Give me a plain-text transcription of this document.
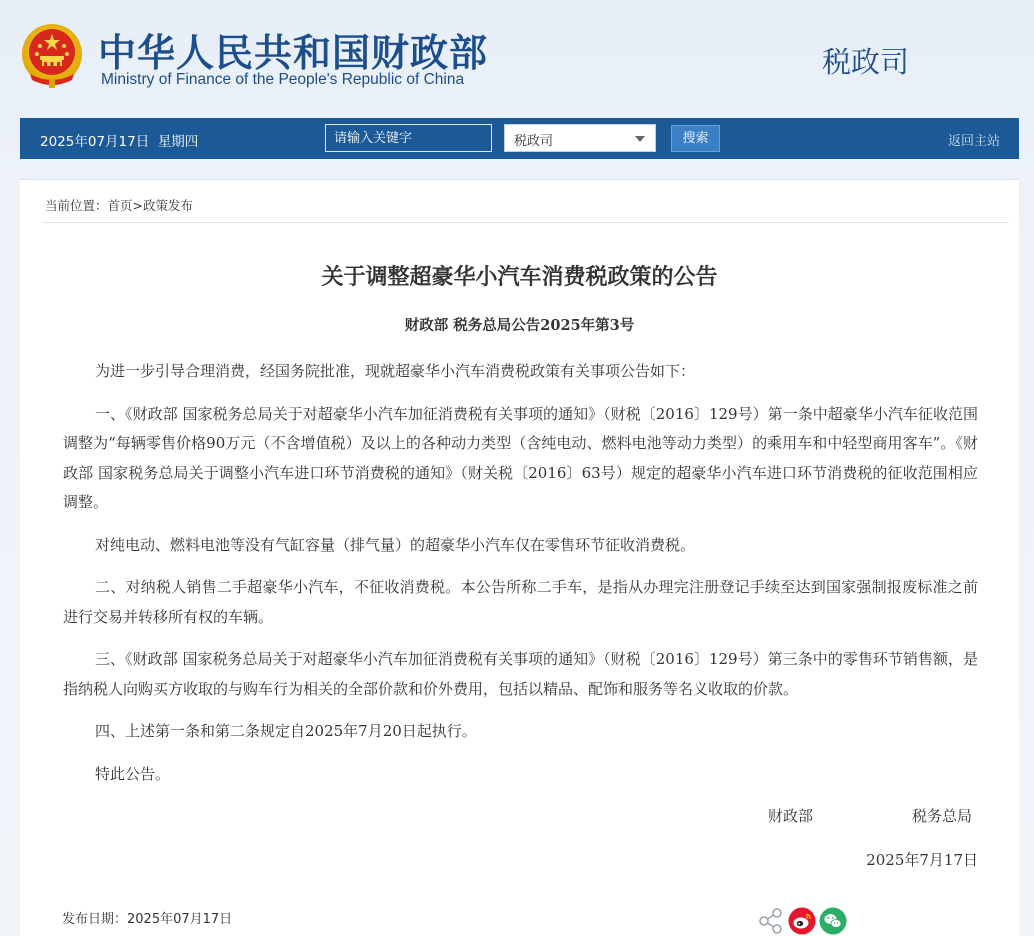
中华人民共和国财政部
Ministry of Finance of the People's Republic of China
税政司
2025年07月17日 星期四
请输入关键字	税政司	搜索	返回主站
当前位置：首页>政策发布
关于调整超豪华小汽车消费税政策的公告
财政部 税务总局公告2025年第3号

为进一步引导合理消费，经国务院批准，现就超豪华小汽车消费税政策有关事项公告如下：

一、《财政部 国家税务总局关于对超豪华小汽车加征消费税有关事项的通知》（财税〔2016〕129号）第一条中超豪华小汽车征收范围调整为“每辆零售价格90万元（不含增值税）及以上的各种动力类型（含纯电动、燃料电池等动力类型）的乘用车和中轻型商用客车”。《财政部 国家税务总局关于调整小汽车进口环节消费税的通知》（财关税〔2016〕63号）规定的超豪华小汽车进口环节消费税的征收范围相应调整。

对纯电动、燃料电池等没有气缸容量（排气量）的超豪华小汽车仅在零售环节征收消费税。

二、对纳税人销售二手超豪华小汽车，不征收消费税。本公告所称二手车，是指从办理完注册登记手续至达到国家强制报废标准之前进行交易并转移所有权的车辆。

三、《财政部 国家税务总局关于对超豪华小汽车加征消费税有关事项的通知》（财税〔2016〕129号）第三条中的零售环节销售额，是指纳税人向购买方收取的与购车行为相关的全部价款和价外费用，包括以精品、配饰和服务等名义收取的价款。

四、上述第一条和第二条规定自2025年7月20日起执行。

特此公告。

财政部	税务总局
2025年7月17日
发布日期：2025年07月17日
